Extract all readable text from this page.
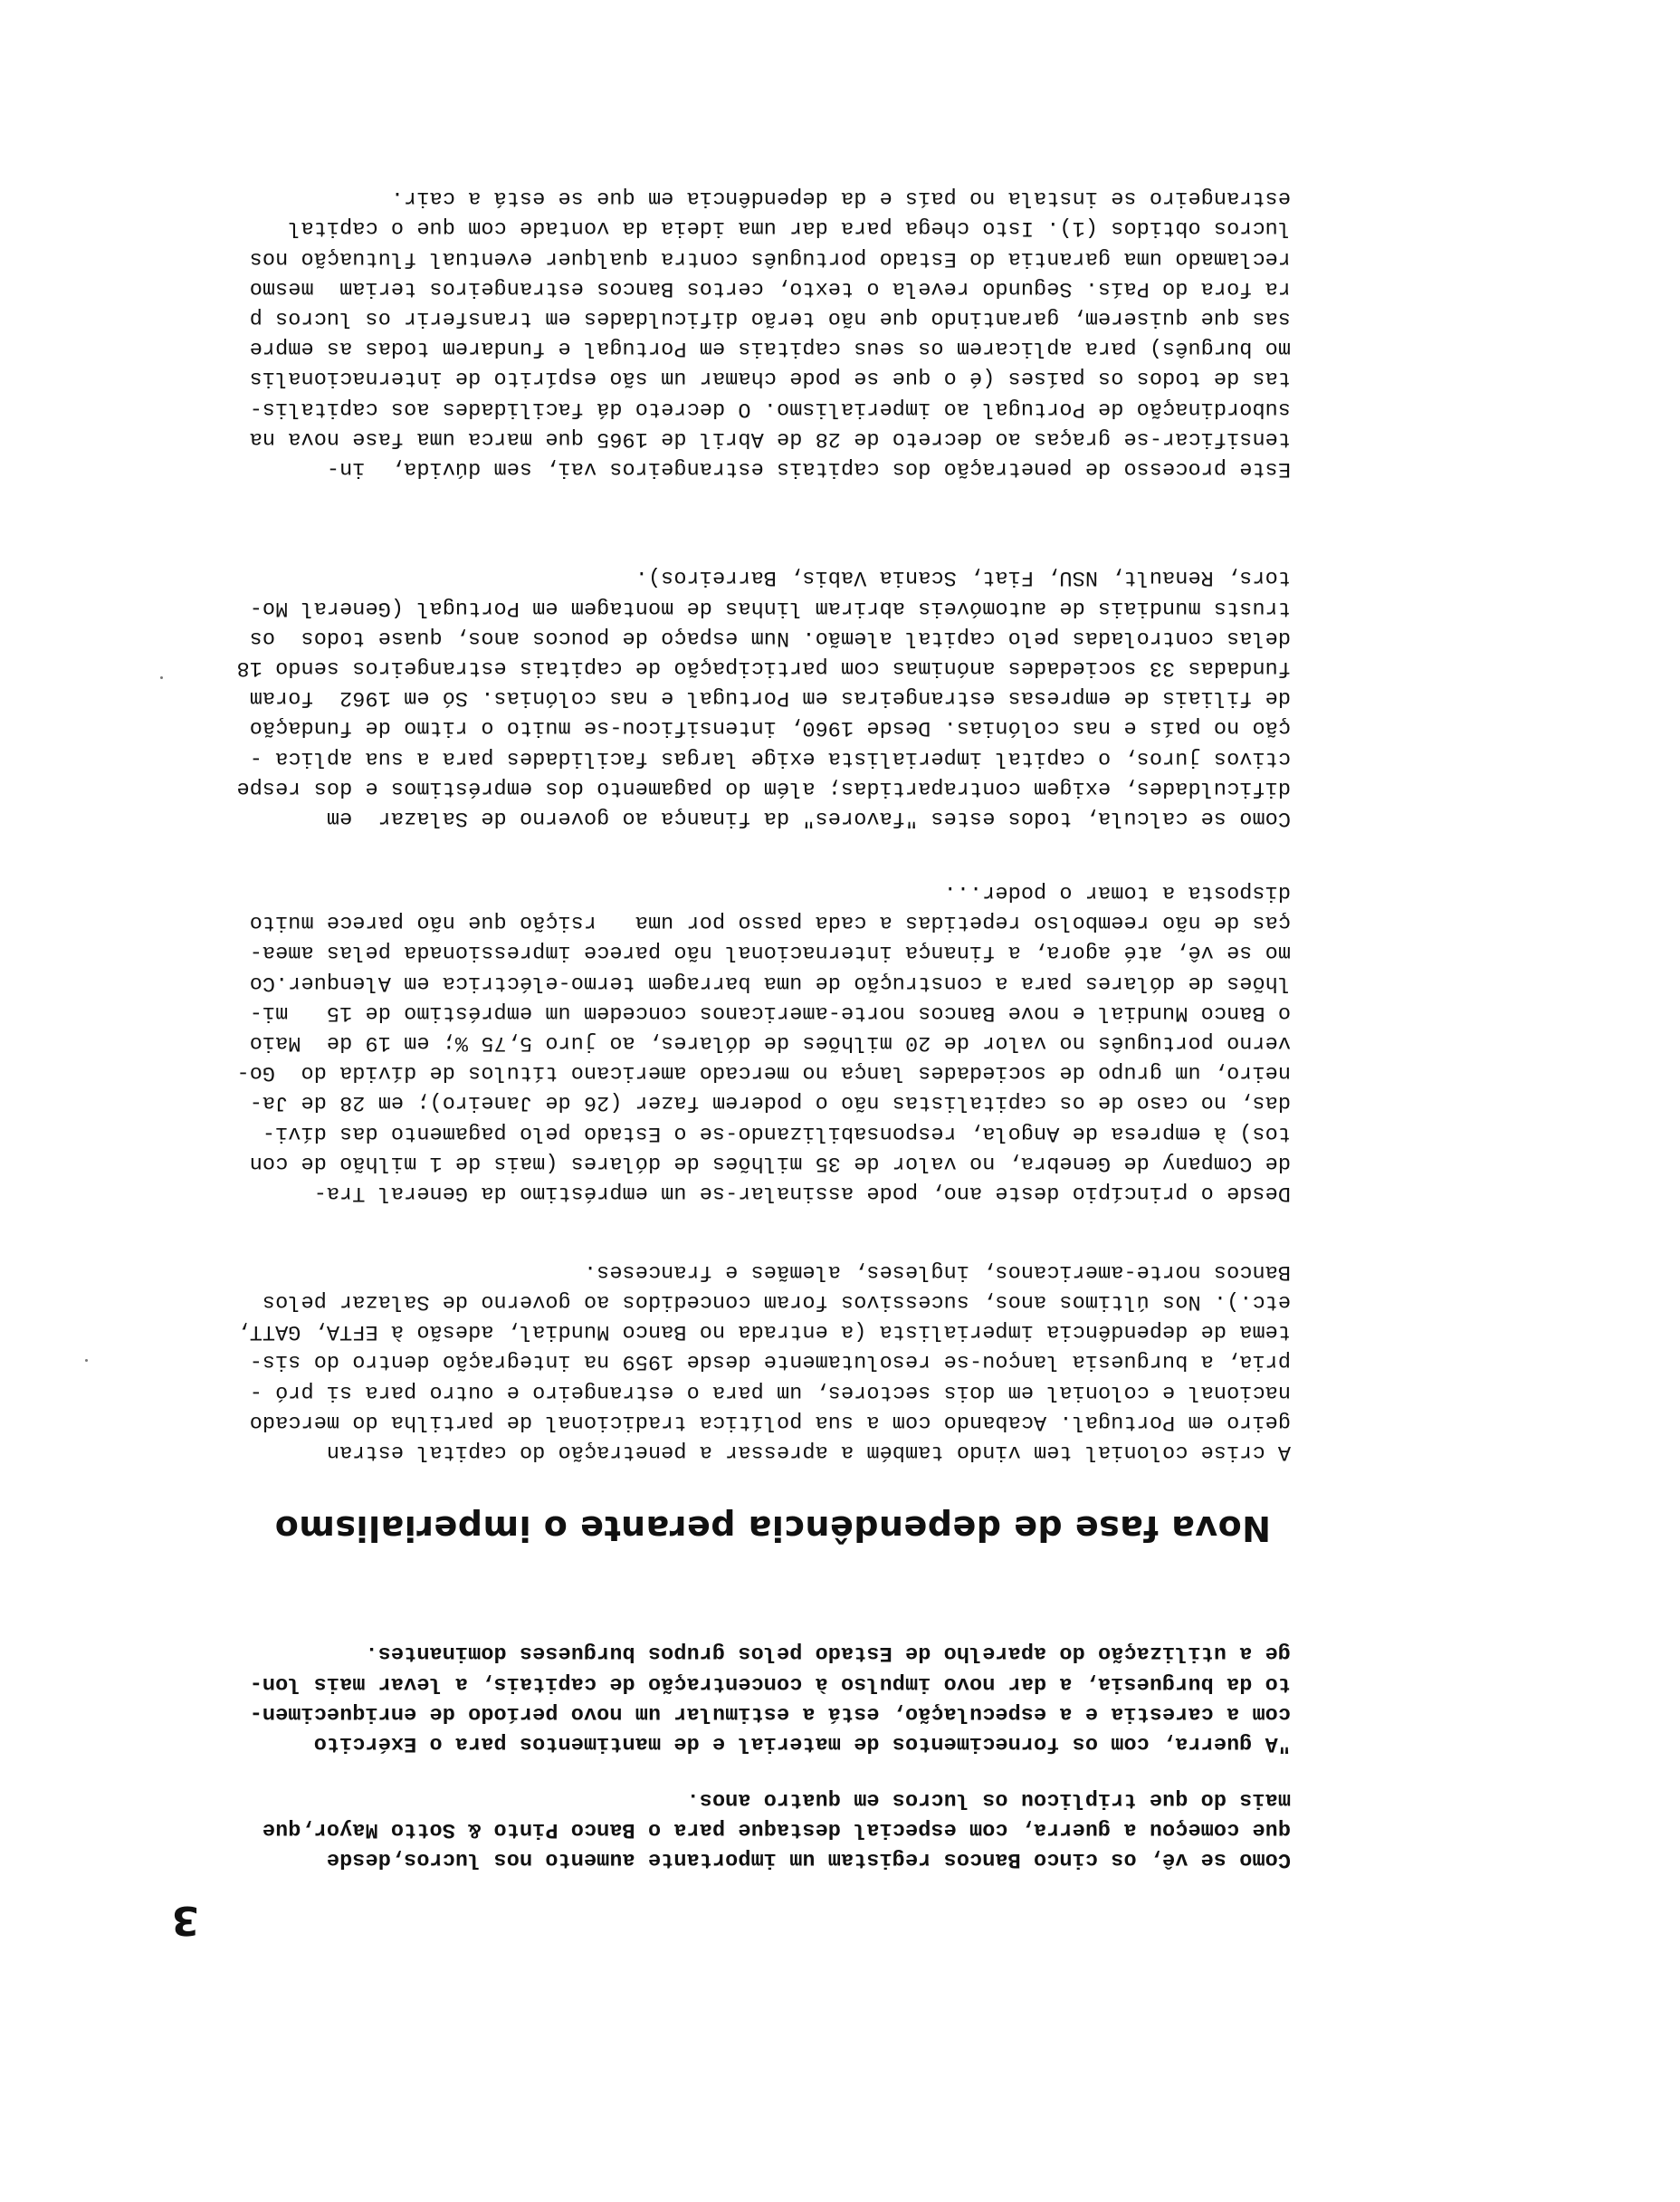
3
Como se vê, os cinco Bancos registam um importante aumento nos lucros,desde
que começou a guerra, com especial destaque para o Banco Pinto & Sotto Mayor,que
mais do que triplicou os lucros em quatro anos.
"A guerra, com os fornecimentos de material e de mantimentos para o Exército
com a carestia e a especulação, está a estimular um novo período de enriquecimen-
to da burguesia, a dar novo impulso à concentração de capitais, a levar mais lon-
ge a utilização do aparelho de Estado pelos grupos burgueses dominantes.
Nova fase de dependência perante o imperialismo
A crise colonial tem vindo também a apressar a penetração do capital estran
geiro em Portugal. Acabando com a sua política tradicional de partilha do mercado
nacional e colonial em dois sectores, um para o estrangeiro e outro para si pró -
pria, a burguesia lançou-se resolutamente desde 1959 na integração dentro do sis-
tema de dependência imperialista (a entrada no Banco Mundial, adesão à EFTA, GATT,
etc.). Nos últimos anos, sucessivos foram concedidos ao governo de Salazar pelos
Bancos norte-americanos, ingleses, alemães e franceses.
Desde o princípio deste ano, pode assinalar-se um empréstimo da General Tra-
de Company de Genebra, no valor de 35 milhões de dólares (mais de 1 milhão de con
tos) à empresa de Angola, responsabilizando-se o Estado pelo pagamento das dívi-
das, no caso de os capitalistas não o poderem fazer (26 de Janeiro); em 28 de Ja-
neiro, um grupo de sociedades lança no mercado americano títulos de dívida do  Go-
verno português no valor de 20 milhões de dólares, ao juro 5,75 %; em 19 de  Maio
o Banco Mundial e nove Bancos norte-americanos concedem um empréstimo de 15   mi-
lhões de dólares para a construção de uma barragem termo-eléctrica em Alenquer.Co
mo se vê, até agora, a finança internacional não parece impressionada pelas amea-
ças de não reembolso repetidas a cada passo por uma   rsição que não parece muito
disposta a tomar o poder...
Como se calcula, todos estes "favores" da finança ao governo de Salazar  em
dificuldades, exigem contrapartidas; além do pagamento dos empréstimos e dos respe
ctivos juros, o capital imperialista exige largas facilidades para a sua aplica -
ção no país e nas colónias. Desde 1960, intensificou-se muito o ritmo de fundação
de filiais de empresas estrangeiras em Portugal e nas colónias. Só em 1962  foram
fundadas 33 sociedades anónimas com participação de capitais estrangeiros sendo 18
delas controladas pelo capital alemão. Num espaço de poucos anos, quase todos  os
trusts mundiais de automóveis abriram linhas de montagem em Portugal (General Mo-
tors, Renault, NSU, Fiat, Scania Vabis, Barreiros).
Este processo de penetração dos capitais estrangeiros vai, sem dúvida,  in-
tensificar-se graças ao decreto de 28 de Abril de 1965 que marca uma fase nova na
subordinação de Portugal ao imperialismo. O decreto dá facilidades aos capitalis-
tas de todos os países (é o que se pode chamar um são espírito de internacionalis
mo burguês) para aplicarem os seus capitais em Portugal e fundarem todas as empre
sas que quiserem, garantindo que não terão dificuldades em transferir os lucros p
ra fora do País. Segundo revela o texto, certos Bancos estrangeiros teriam  mesmo
reclamado uma garantia do Estado português contra qualquer eventual flutuação nos
lucros obtidos (1). Isto chega para dar uma ideia da vontade com que o capital
estrangeiro se instala no país e da dependência em que se está a cair.
